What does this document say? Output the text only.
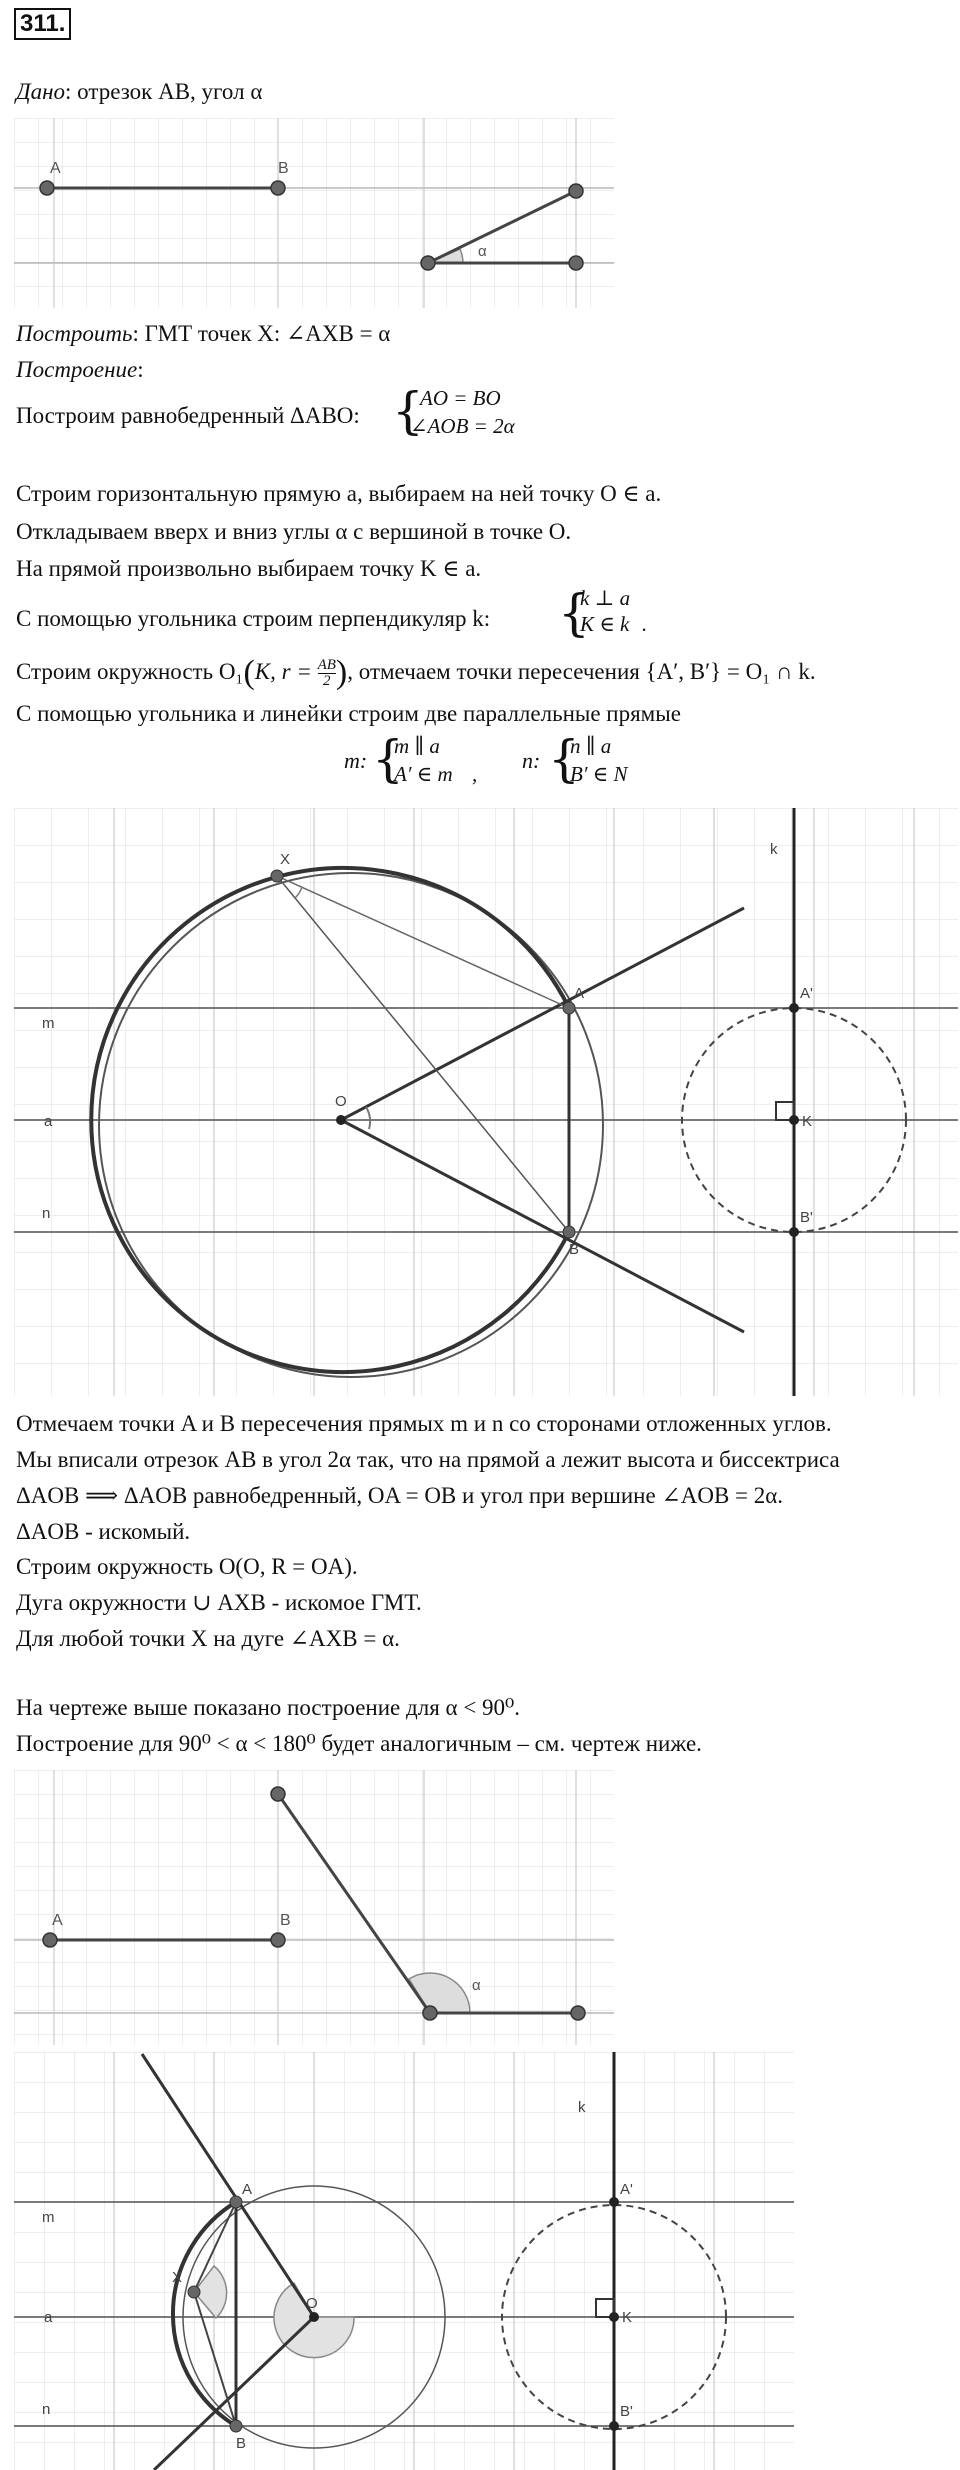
311.
Дано: отрезок AB, угол α
A	B
α
Построить: ГМТ точек X: ∠AXB = α
Построение:
Построим равнобедренный ΔABO: {
AO = BO
∠AOB = 2α
Строим горизонтальную прямую a, выбираем на ней точку O ∈ a.
Откладываем вверх и вниз углы α с вершиной в точке O.
На прямой произвольно выбираем точку K ∈ a.
С помощью угольника строим перпендикуляр k: {
k ⊥ a
K ∈ k .
Строим окружность O₁(K, $r = \frac{AB}{2}$ ), отмечаем точки пересечения {A′, B′} = O₁ ∩ k.
С помощью угольника и линейки строим две параллельные прямые
m: {
m ∥ a
A′ ∈ m ,
n: {
n ∥ a
B′ ∈ N
X
A
B
O
A'
K
B'
k
m
a
n
Отмечаем точки A и B пересечения прямых m и n со сторонами отложенных углов.
Мы вписали отрезок AB в угол 2α так, что на прямой a лежит высота и биссектриса
ΔAOB ⟹ ΔAOB равнобедренный, OA = OB и угол при вершине ∠AOB = 2α.
ΔAOB - искомый.
Строим окружность O(O, R = OA).
Дуга окружности ∪ AXB - искомое ГМТ.
Для любой точки X на дуге ∠AXB = α.
На чертеже выше показано построение для α < 90⁰.
Построение для 90⁰ < α < 180⁰ будет аналогичным – см. чертеж ниже.
A	B
α
X
A
B
O
A'
K
B'
k
m
a
n
